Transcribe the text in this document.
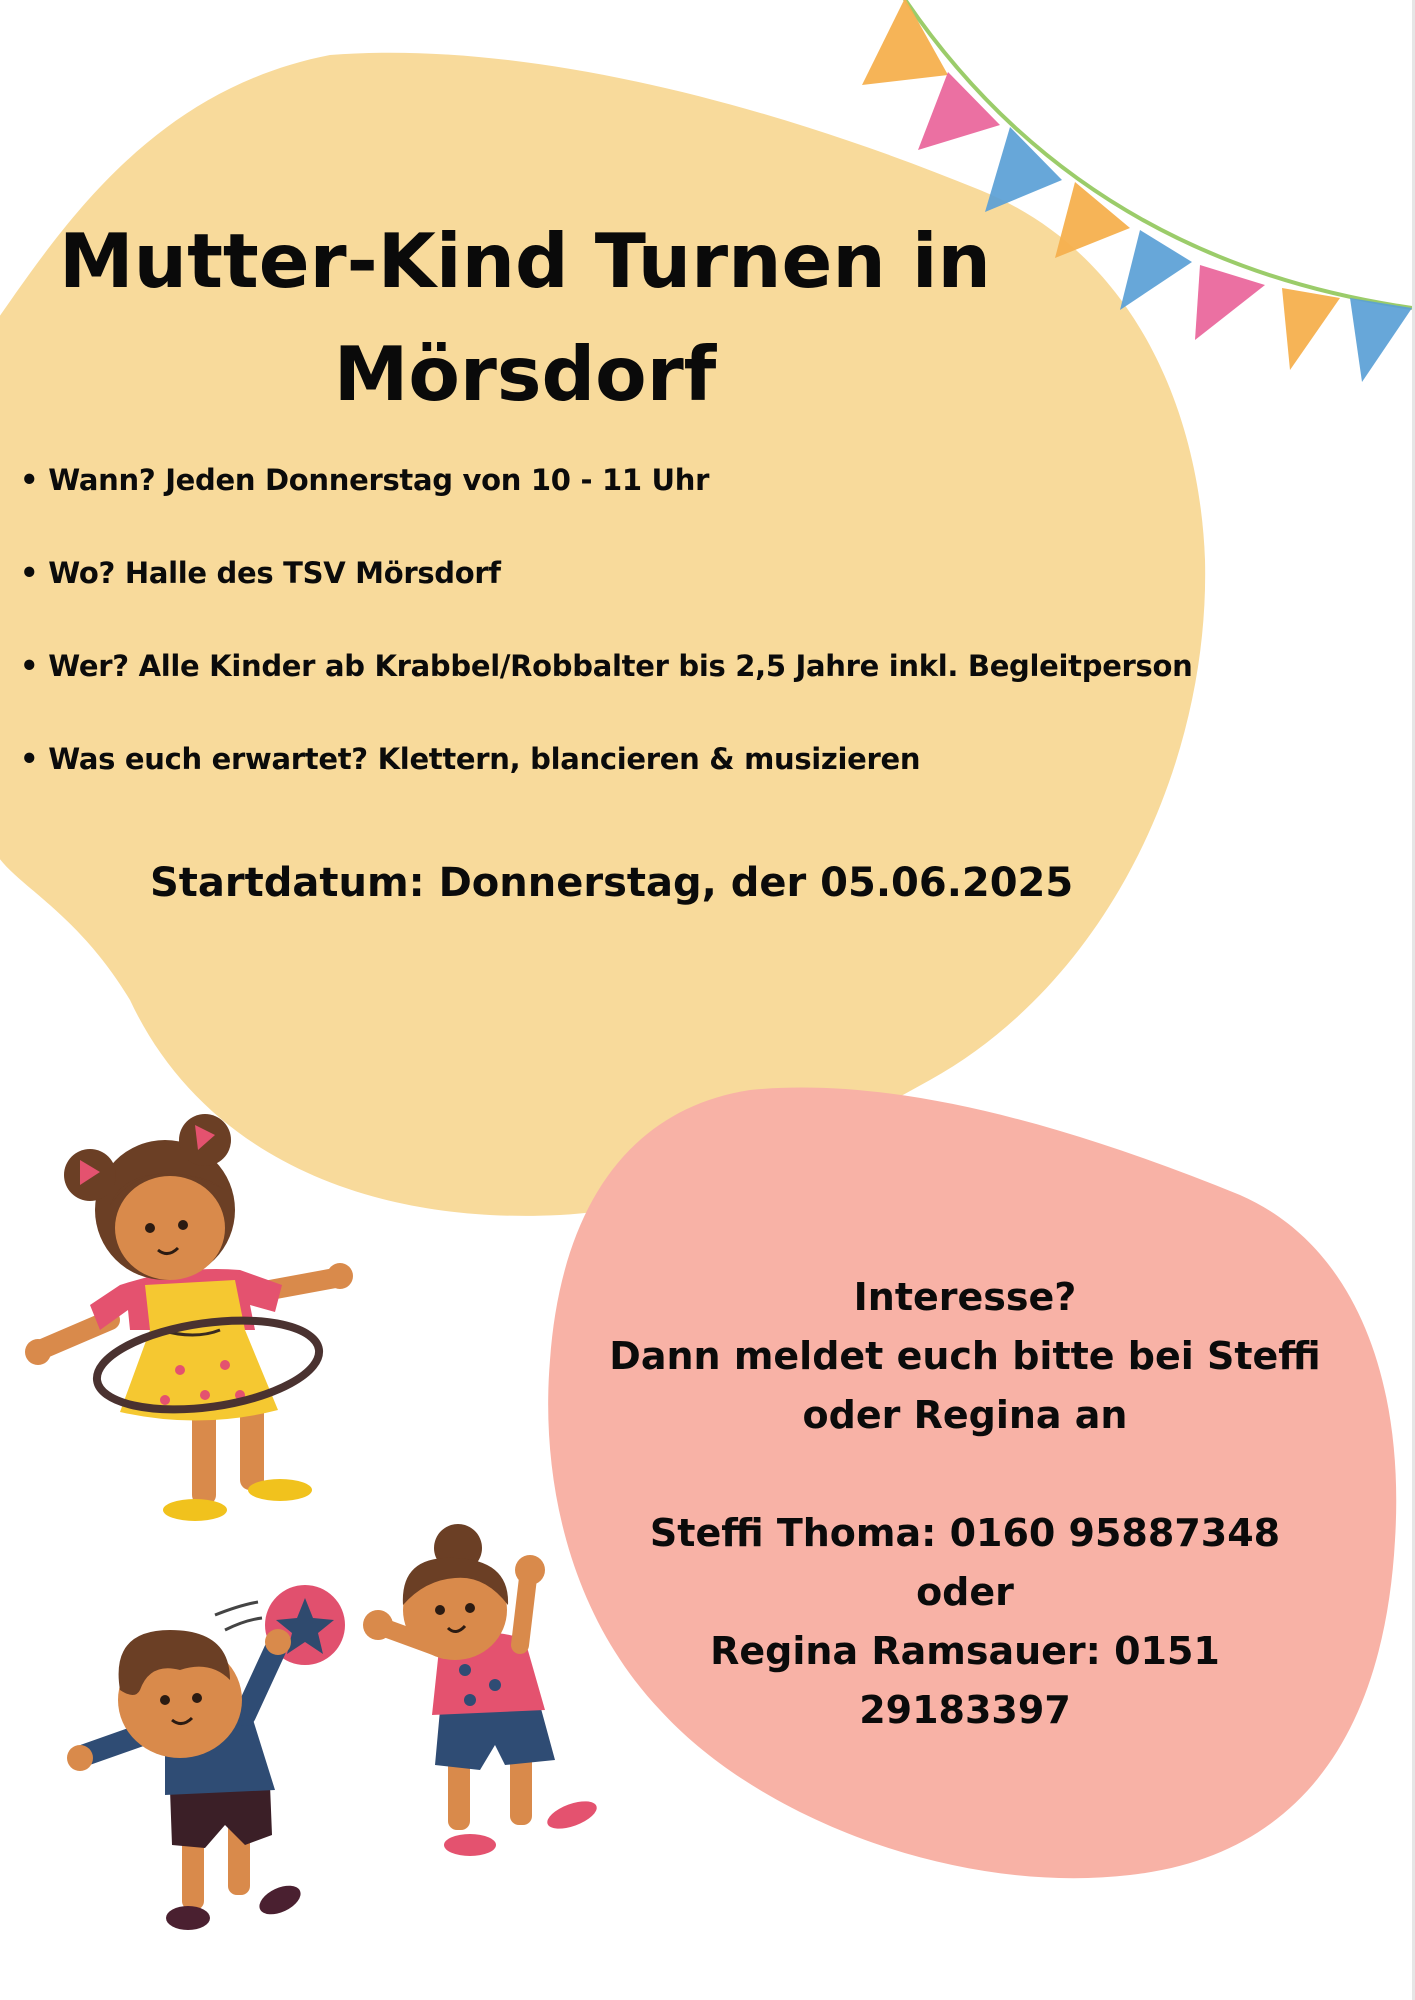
Mutter-Kind Turnen in
Mörsdorf
• Wann? Jeden Donnerstag von 10 - 11 Uhr
• Wo? Halle des TSV Mörsdorf
• Wer? Alle Kinder ab Krabbel/Robbalter bis 2,5 Jahre inkl. Begleitperson
• Was euch erwartet? Klettern, blancieren & musizieren
Startdatum: Donnerstag, der 05.06.2025
Interesse?
Dann meldet euch bitte bei Steffi
oder Regina an
Steffi Thoma: 0160 95887348
oder
Regina Ramsauer: 0151 29183397
